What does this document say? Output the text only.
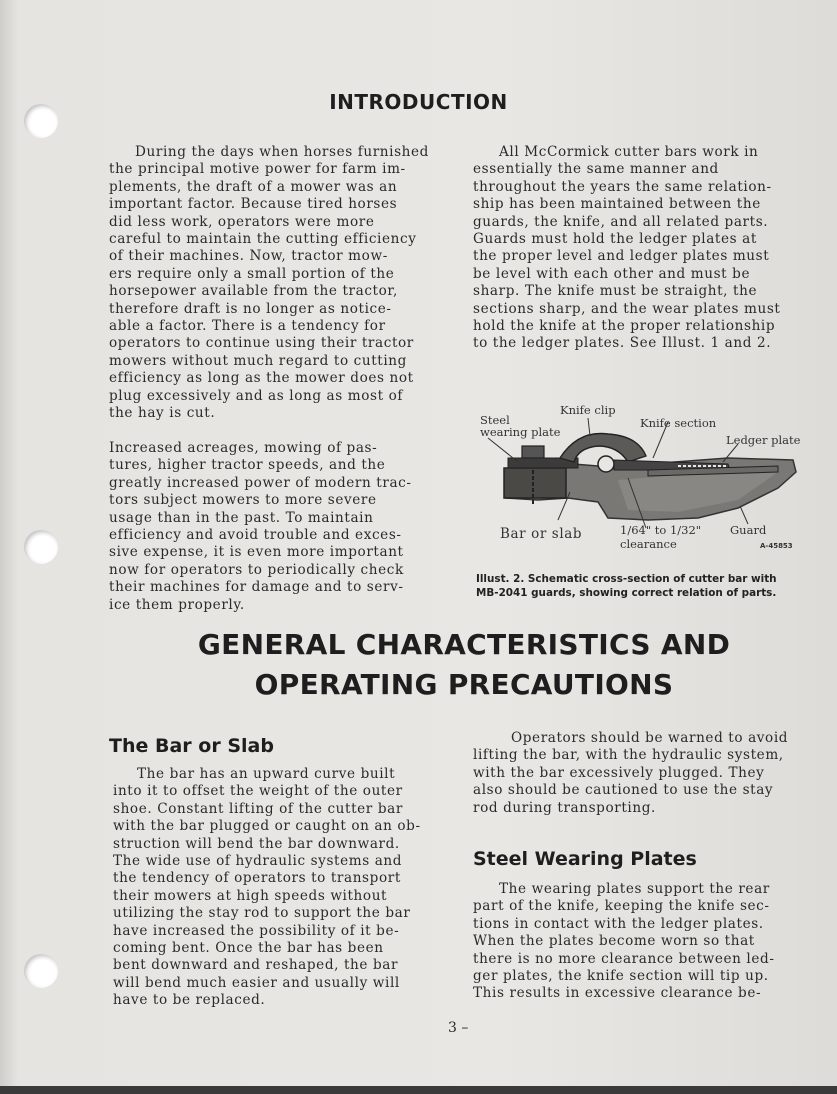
INTRODUCTION

During the days when horses furnished
the principal motive power for farm im-
plements, the draft of a mower was an
important factor. Because tired horses
did less work, operators were more
careful to maintain the cutting efficiency
of their machines. Now, tractor mow-
ers require only a small portion of the
horsepower available from the tractor,
therefore draft is no longer as notice-
able a factor. There is a tendency for
operators to continue using their tractor
mowers without much regard to cutting
efficiency as long as the mower does not
plug excessively and as long as most of
the hay is cut.

Increased acreages, mowing of pas-
tures, higher tractor speeds, and the
greatly increased power of modern trac-
tors subject mowers to more severe
usage than in the past. To maintain
efficiency and avoid trouble and exces-
sive expense, it is even more important
now for operators to periodically check
their machines for damage and to serv-
ice them properly.

All McCormick cutter bars work in
essentially the same manner and
throughout the years the same relation-
ship has been maintained between the
guards, the knife, and all related parts.
Guards must hold the ledger plates at
the proper level and ledger plates must
be level with each other and must be
sharp. The knife must be straight, the
sections sharp, and the wear plates must
hold the knife at the proper relationship
to the ledger plates. See Illust. 1 and 2.

Knife clip
Steel
wearing plate
Knife section
Ledger plate
Bar or slab	1/64" to 1/32"
clearance
Guard
A-45853

Illust. 2. Schematic cross-section of cutter bar with
MB-2041 guards, showing correct relation of parts.

GENERAL CHARACTERISTICS AND
OPERATING PRECAUTIONS
The Bar or Slab

The bar has an upward curve built
into it to offset the weight of the outer
shoe. Constant lifting of the cutter bar
with the bar plugged or caught on an ob-
struction will bend the bar downward.
The wide use of hydraulic systems and
the tendency of operators to transport
their mowers at high speeds without
utilizing the stay rod to support the bar
have increased the possibility of it be-
coming bent. Once the bar has been
bent downward and reshaped, the bar
will bend much easier and usually will
have to be replaced.

Operators should be warned to avoid
lifting the bar, with the hydraulic system,
with the bar excessively plugged. They
also should be cautioned to use the stay
rod during transporting.

Steel Wearing Plates

The wearing plates support the rear
part of the knife, keeping the knife sec-
tions in contact with the ledger plates.
When the plates become worn so that
there is no more clearance between led-
ger plates, the knife section will tip up.
This results in excessive clearance be-

3 –
